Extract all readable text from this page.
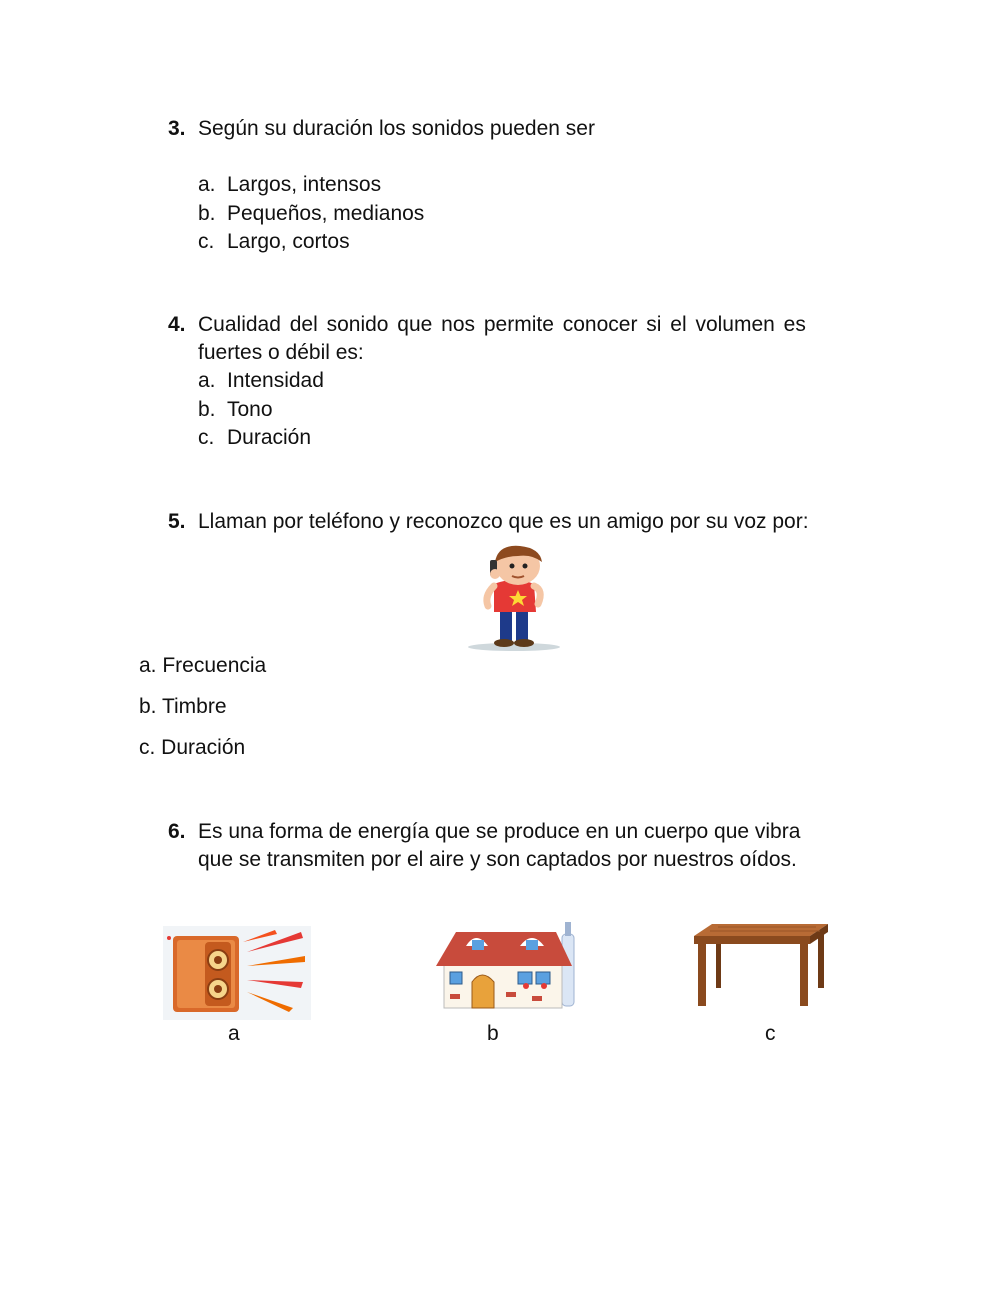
3. Según su duración los sonidos pueden ser
a. Largos, intensos
b. Pequeños, medianos
c. Largo, cortos
4. Cualidad del sonido que nos permite conocer si el volumen es
fuertes o débil es:
a. Intensidad
b. Tono
c. Duración
5. Llaman por teléfono y reconozco que es un amigo por su voz por:
a. Frecuencia
b. Timbre
c. Duración
6. Es una forma de energía que se produce en un cuerpo que vibra
que se transmiten por el aire y son captados por nuestros oídos.
a	b	c
